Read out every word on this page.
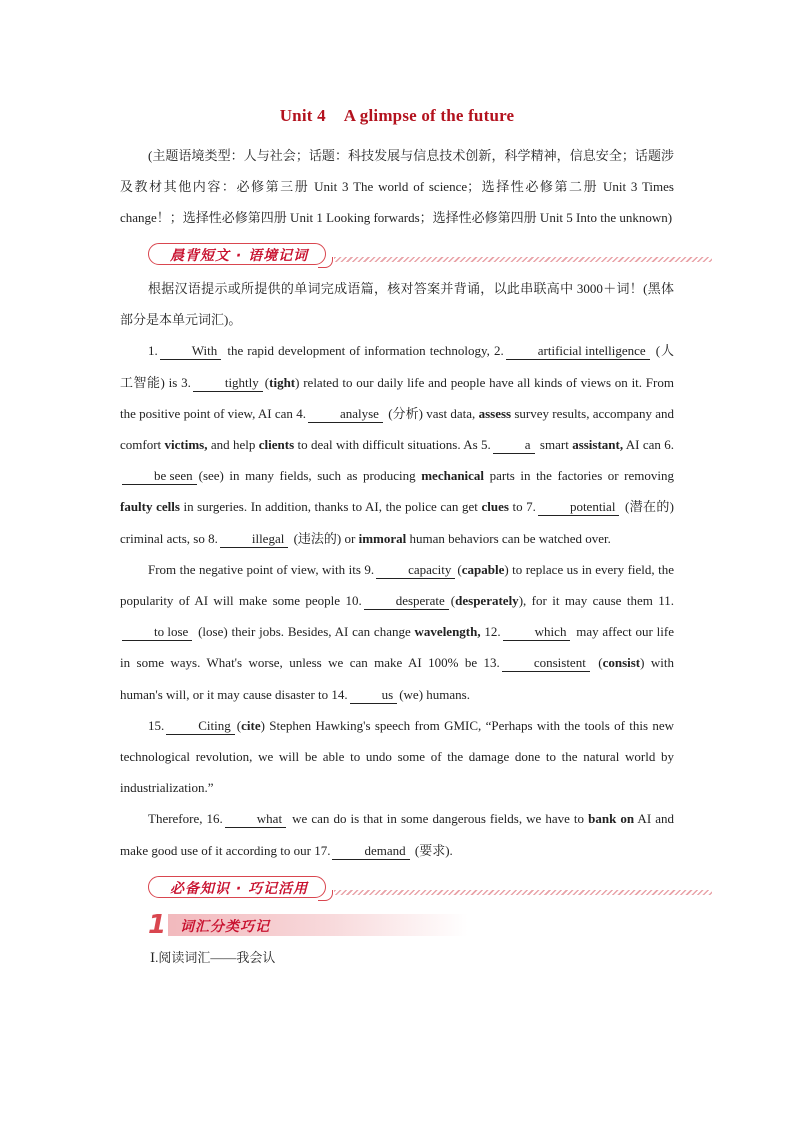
Unit 4 A glimpse of the future

(主题语境类型：人与社会；话题：科技发展与信息技术创新，科学精神，信息安全；话题涉及教材其他内容：必修第三册 Unit 3 The world of science；选择性必修第二册 Unit 3 Times change！；选择性必修第四册 Unit 1 Looking forwards；选择性必修第四册 Unit 5 Into the unknown)

晨背短文 · 语境记词

根据汉语提示或所提供的单词完成语篇，核对答案并背诵，以此串联高中 3000＋词！(黑体部分是本单元词汇)。

1.	With the rapid development of information technology, 2.	artificial intelligence (人工智能) is 3.	tightly (tight) related to our daily life and people have all kinds of views on it. From the positive point of view, AI can 4.	analyse (分析) vast data, assess survey results, accompany and comfort victims, and help clients to deal with difficult situations. As 5.	a smart assistant, AI can 6.be seen (see) in many fields, such as producing mechanical parts in the factories or removing faulty cells in surgeries. In addition, thanks to AI, the police can get clues to 7.	potential (潜在的) criminal acts, so 8.	illegal (违法的) or immoral human behaviors can be watched over.

From the negative point of view, with its 9.	capacity (capable) to replace us in every field, the popularity of AI will make some people 10.	desperate (desperately), for it may cause them 11.to lose (lose) their jobs. Besides, AI can change wavelength, 12.	which may affect our life in some ways. What's worse, unless we can make AI 100% be 13.	consistent (consist) with human's will, or it may cause disaster to 14.	us (we) humans.

15.	Citing (cite) Stephen Hawking's speech from GMIC, “Perhaps with the tools of this new technological revolution, we will be able to undo some of the damage done to the natural world by industrialization.”

Therefore, 16.	what we can do is that in some dangerous fields, we have to bank on AI and make good use of it according to our 17.	demand (要求).

必备知识 · 巧记活用
1 词汇分类巧记

Ⅰ.阅读词汇——我会认
